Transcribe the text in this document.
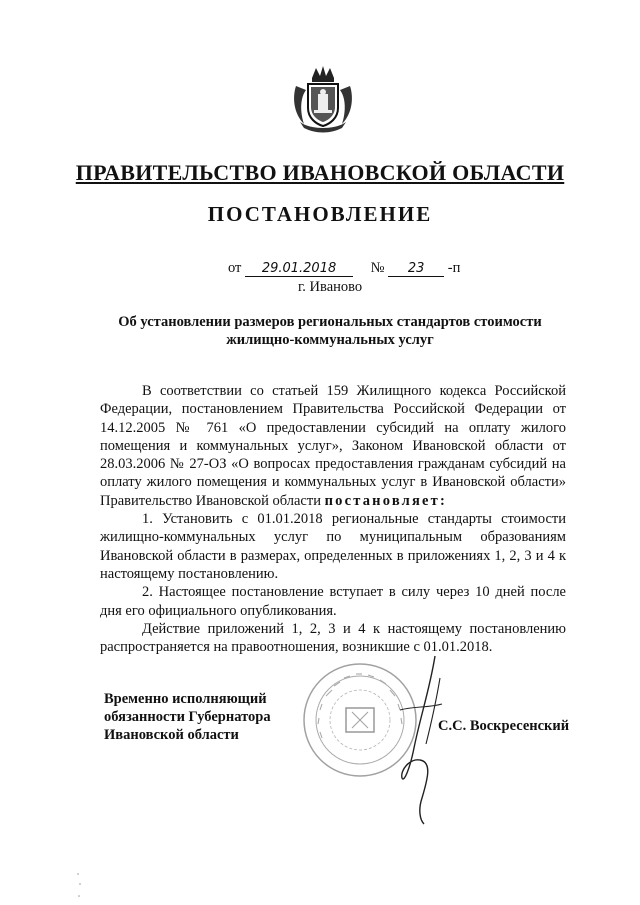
ПРАВИТЕЛЬСТВО ИВАНОВСКОЙ ОБЛАСТИ
ПОСТАНОВЛЕНИЕ
от 29.01.2018 № 23 -п
г. Иваново
Об установлении размеров региональных стандартов стоимости
жилищно-коммунальных услуг

В соответствии со статьей 159 Жилищного кодекса Российской Федерации, постановлением Правительства Российской Федерации от 14.12.2005 № 761 «О предоставлении субсидий на оплату жилого помещения и коммунальных услуг», Законом Ивановской области от 28.03.2006 № 27-ОЗ «О вопросах предоставления гражданам субсидий на оплату жилого помещения и коммунальных услуг в Ивановской области» Правительство Ивановской области постановляет:

1. Установить с 01.01.2018 региональные стандарты стоимости жилищно-коммунальных услуг по муниципальным образованиям Ивановской области в размерах, определенных в приложениях 1, 2, 3 и 4 к настоящему постановлению.

2. Настоящее постановление вступает в силу через 10 дней после дня его официального опубликования.

Действие приложений 1, 2, 3 и 4 к настоящему постановлению распространяется на правоотношения, возникшие с 01.01.2018.

Временно исполняющий
обязанности Губернатора
Ивановской области
С.С. Воскресенский
